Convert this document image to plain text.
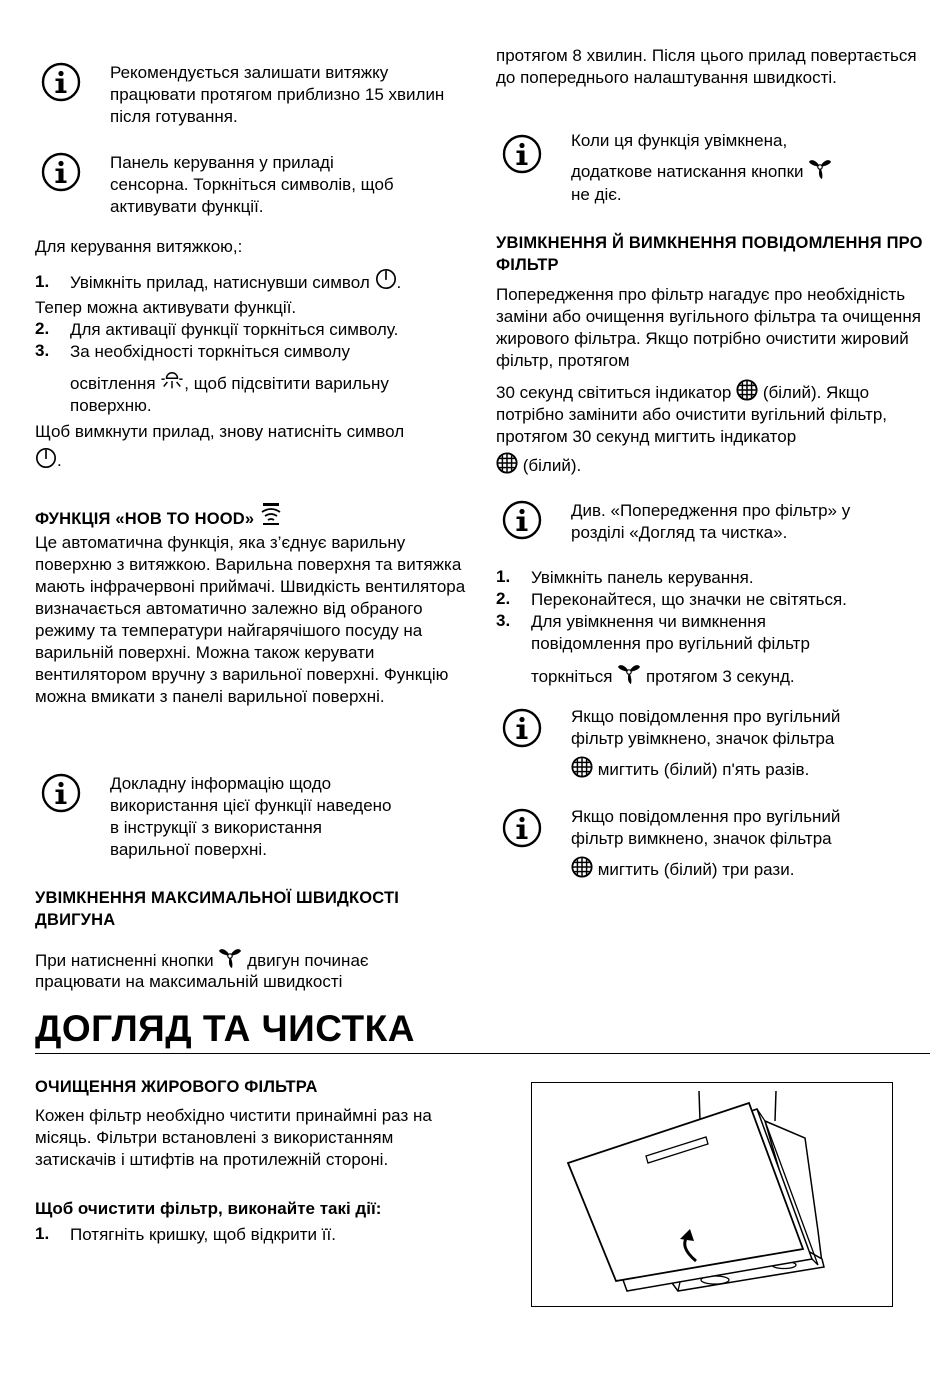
Рекомендується залишати витяжку працювати протягом приблизно 15 хвилин після готування.

Панель керування у приладі сенсорна. Торкніться символів, щоб активувати функції.

Для керування витяжкою,:

1. Увімкніть прилад, натиснувши символ .

Тепер можна активувати функції.

2. Для активації функції торкніться символу.

3. За необхідності торкніться символу

освітлення , щоб підсвітити варильну

поверхню.

Щоб вимкнути прилад, знову натисніть символ

.

ФУНКЦІЯ «HOB TO HOOD»

Це автоматична функція, яка з’єднує варильну поверхню з витяжкою. Варильна поверхня та витяжка мають інфрачервоні приймачі. Швидкість вентилятора визначається автоматично залежно від обраного режиму та температури найгарячішого посуду на варильній поверхні. Можна також керувати вентилятором вручну з варильної поверхні. Функцію можна вмикати з панелі варильної поверхні.

Докладну інформацію щодо використання цієї функції наведено в інструкції з використання варильної поверхні.

УВІМКНЕННЯ МАКСИМАЛЬНОЇ ШВИДКОСТІ ДВИГУНА

При натисненні кнопки двигун починає

працювати на максимальній швидкості

протягом 8 хвилин. Після цього прилад повертається до попереднього налаштування швидкості.

Коли ця функція увімкнена,

додаткове натискання кнопки

не діє.

УВІМКНЕННЯ Й ВИМКНЕННЯ ПОВІДОМЛЕННЯ ПРО ФІЛЬТР

Попередження про фільтр нагадує про необхідність заміни або очищення вугільного фільтра та очищення жирового фільтра. Якщо потрібно очистити жировий фільтр, протягом

30 секунд світиться індикатор (білий). Якщо

потрібно замінити або очистити вугільний фільтр, протягом 30 секунд мигтить індикатор

(білий).

Див. «Попередження про фільтр» у розділі «Догляд та чистка».

1. Увімкніть панель керування.

2. Переконайтеся, що значки не світяться.

3. Для увімкнення чи вимкнення повідомлення про вугільний фільтр

торкніться протягом 3 секунд.

Якщо повідомлення про вугільний фільтр увімкнено, значок фільтра

мигтить (білий) п'ять разів.

Якщо повідомлення про вугільний фільтр вимкнено, значок фільтра

мигтить (білий) три рази.

ДОГЛЯД ТА ЧИСТКА

ОЧИЩЕННЯ ЖИРОВОГО ФІЛЬТРА

Кожен фільтр необхідно чистити принаймні раз на місяць. Фільтри встановлені з використанням затискачів і штифтів на протилежній стороні.

Щоб очистити фільтр, виконайте такі дії:

1. Потягніть кришку, щоб відкрити її.
